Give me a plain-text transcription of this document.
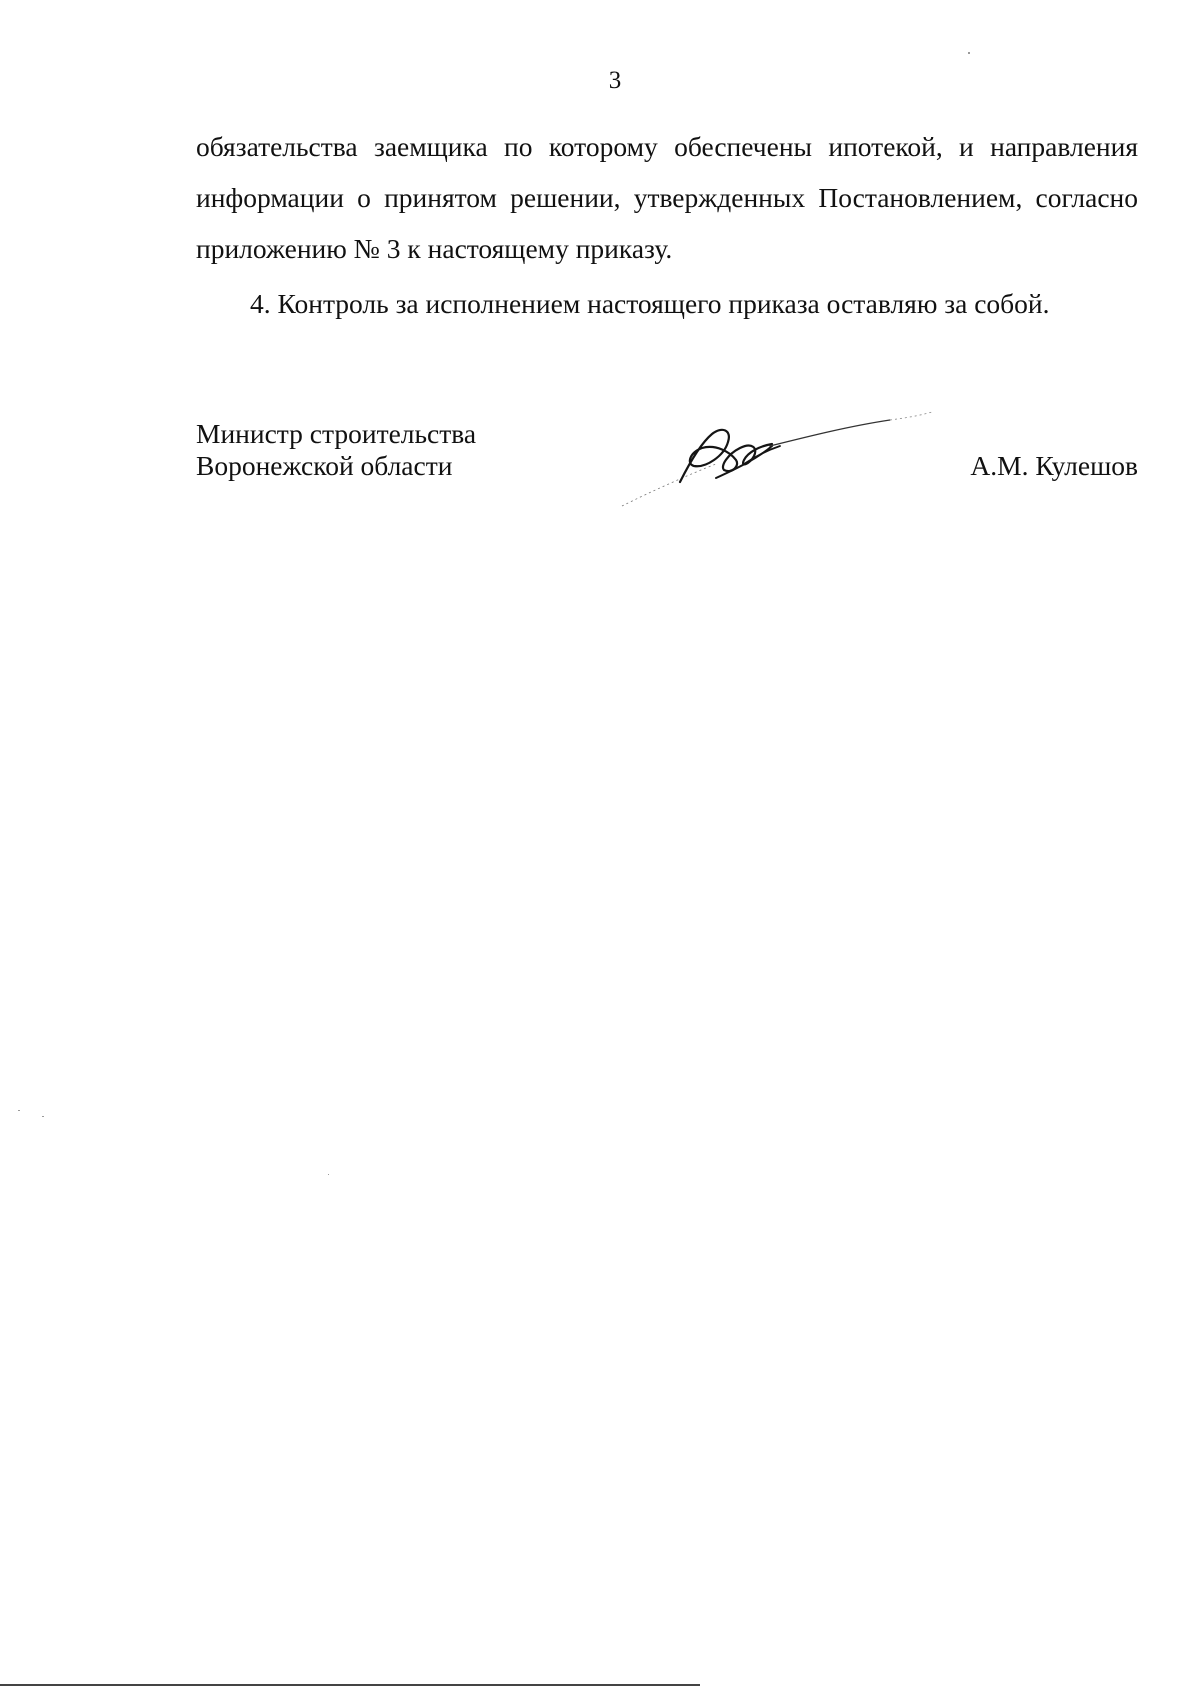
3

обязательства заемщика по которому обеспечены ипотекой, и направления
информации о принятом решении, утвержденных Постановлением, согласно
приложению № 3 к настоящему приказу.

4. Контроль за исполнением настоящего приказа оставляю за собой.

Министр строительства
Воронежской области	А.М. Кулешов
